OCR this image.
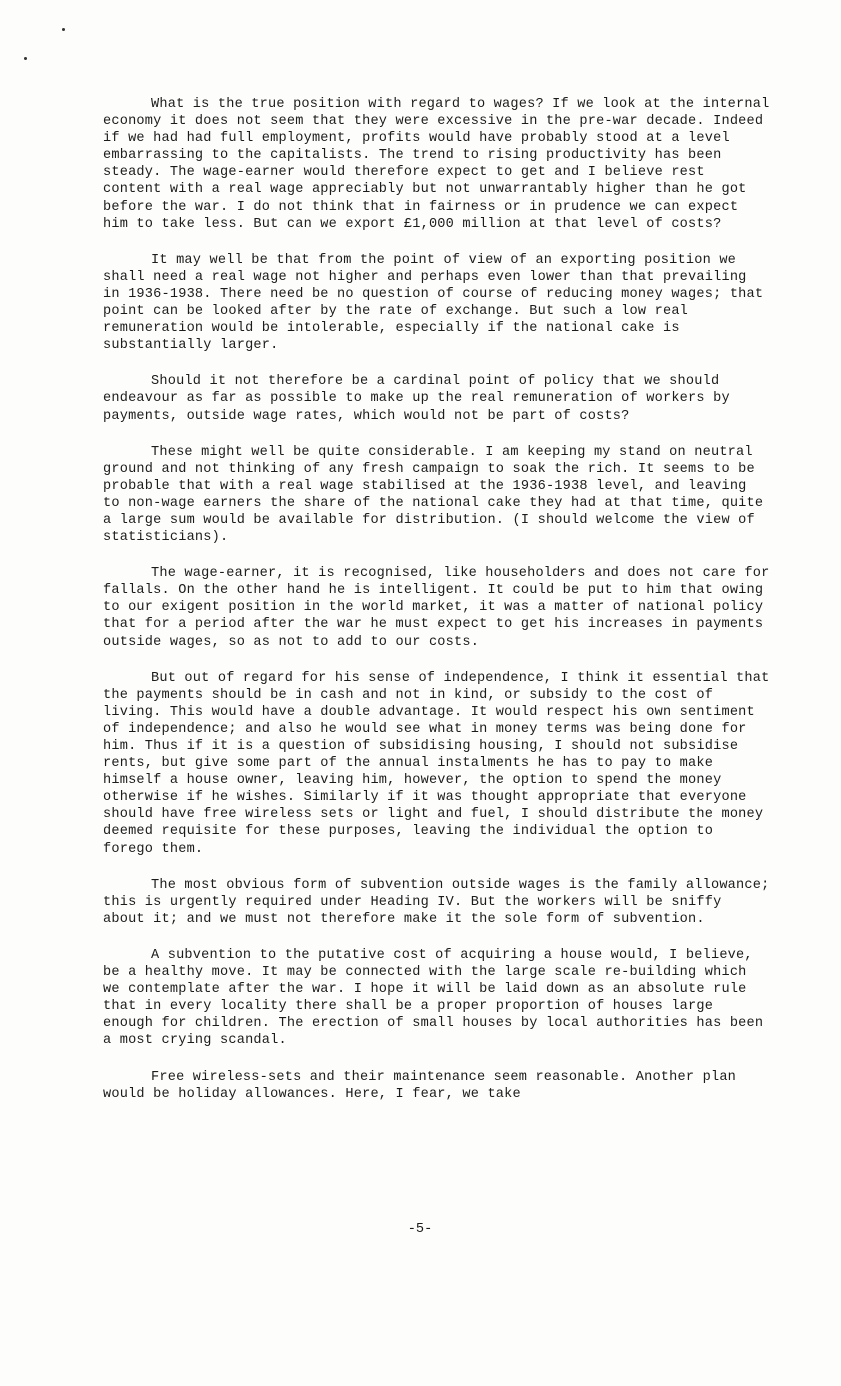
What is the true position with regard to wages? If we look at the internal economy it does not seem that they were excessive in the pre-war decade. Indeed if we had had full employment, profits would have probably stood at a level embarrassing to the capitalists. The trend to rising productivity has been steady. The wage-earner would therefore expect to get and I believe rest content with a real wage appreciably but not unwarrantably higher than he got before the war. I do not think that in fairness or in prudence we can expect him to take less. But can we export £1,000 million at that level of costs?

It may well be that from the point of view of an exporting position we shall need a real wage not higher and perhaps even lower than that prevailing in 1936-1938. There need be no question of course of reducing money wages; that point can be looked after by the rate of exchange. But such a low real remuneration would be intolerable, especially if the national cake is substantially larger.

Should it not therefore be a cardinal point of policy that we should endeavour as far as possible to make up the real remuneration of workers by payments, outside wage rates, which would not be part of costs?

These might well be quite considerable. I am keeping my stand on neutral ground and not thinking of any fresh campaign to soak the rich. It seems to be probable that with a real wage stabilised at the 1936-1938 level, and leaving to non-wage earners the share of the national cake they had at that time, quite a large sum would be available for distribution. (I should welcome the view of statisticians).

The wage-earner, it is recognised, like householders and does not care for fallals. On the other hand he is intelligent. It could be put to him that owing to our exigent position in the world market, it was a matter of national policy that for a period after the war he must expect to get his increases in payments outside wages, so as not to add to our costs.

But out of regard for his sense of independence, I think it essential that the payments should be in cash and not in kind, or subsidy to the cost of living. This would have a double advantage. It would respect his own sentiment of independence; and also he would see what in money terms was being done for him. Thus if it is a question of subsidising housing, I should not subsidise rents, but give some part of the annual instalments he has to pay to make himself a house owner, leaving him, however, the option to spend the money otherwise if he wishes. Similarly if it was thought appropriate that everyone should have free wireless sets or light and fuel, I should distribute the money deemed requisite for these purposes, leaving the individual the option to forego them.

The most obvious form of subvention outside wages is the family allowance; this is urgently required under Heading IV. But the workers will be sniffy about it; and we must not therefore make it the sole form of subvention.

A subvention to the putative cost of acquiring a house would, I believe, be a healthy move. It may be connected with the large scale re-building which we contemplate after the war. I hope it will be laid down as an absolute rule that in every locality there shall be a proper proportion of houses large enough for children. The erection of small houses by local authorities has been a most crying scandal.

Free wireless-sets and their maintenance seem reasonable. Another plan would be holiday allowances. Here, I fear, we take

-5-
